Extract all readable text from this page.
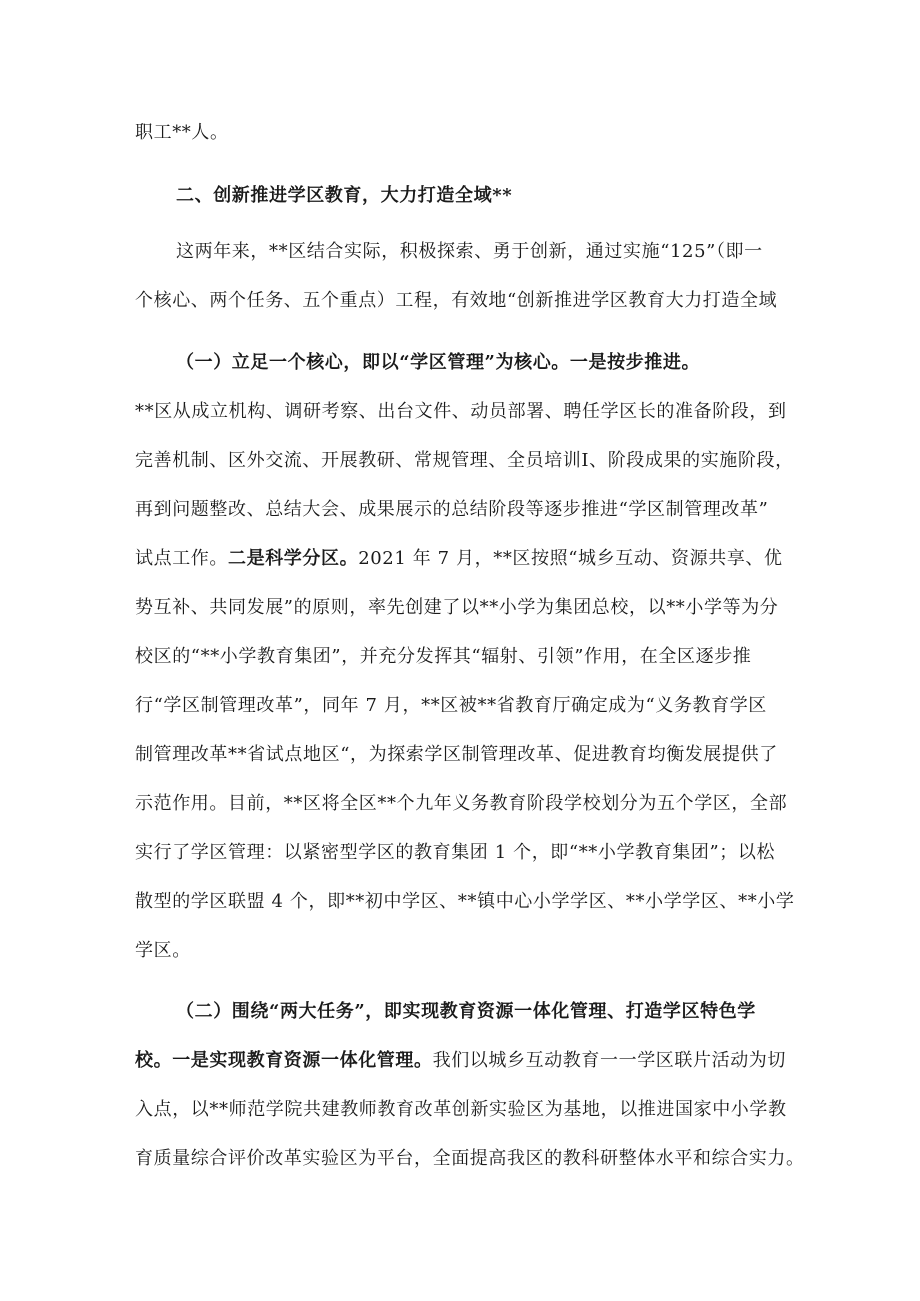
职工**人。
二、创新推进学区教育，大力打造全域**
这两年来，**区结合实际，积极探索、勇于创新，通过实施“125”（即一
个核心、两个任务、五个重点）工程，有效地“创新推进学区教育大力打造全域
（一）立足一个核心，即以“学区管理”为核心。一是按步推进。
**区从成立机构、调研考察、出台文件、动员部署、聘任学区长的准备阶段，到
完善机制、区外交流、开展教研、常规管理、全员培训Ⅰ、阶段成果的实施阶段，
再到问题整改、总结大会、成果展示的总结阶段等逐步推进“学区制管理改革”
试点工作。二是科学分区。2021 年 7 月，**区按照“城乡互动、资源共享、优
势互补、共同发展”的原则，率先创建了以**小学为集团总校，以**小学等为分
校区的“**小学教育集团”，并充分发挥其“辐射、引领”作用，在全区逐步推
行“学区制管理改革”，同年 7 月，**区被**省教育厅确定成为“义务教育学区
制管理改革**省试点地区“，为探索学区制管理改革、促进教育均衡发展提供了
示范作用。目前，**区将全区**个九年义务教育阶段学校划分为五个学区，全部
实行了学区管理：以紧密型学区的教育集团 1 个，即“**小学教育集团”；以松
散型的学区联盟 4 个，即**初中学区、**镇中心小学学区、**小学学区、**小学
学区。
（二）围绕“两大任务”，即实现教育资源一体化管理、打造学区特色学
校。一是实现教育资源一体化管理。我们以城乡互动教育一一学区联片活动为切
入点，以**师范学院共建教师教育改革创新实验区为基地，以推进国家中小学教
育质量综合评价改革实验区为平台，全面提高我区的教科研整体水平和综合实力。
